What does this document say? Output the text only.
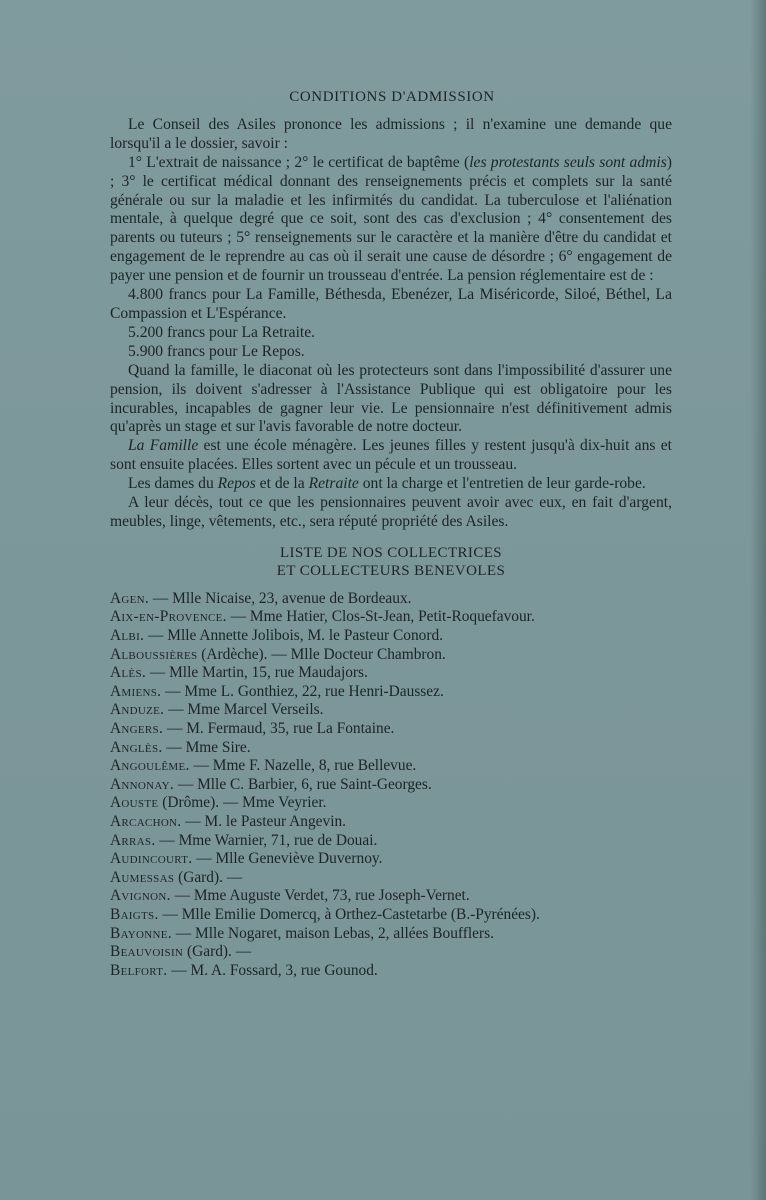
CONDITIONS D'ADMISSION

Le Conseil des Asiles prononce les admissions ; il n'examine une demande que lorsqu'il a le dossier, savoir :

1° L'extrait de naissance ; 2° le certificat de baptême (les protestants seuls sont admis) ; 3° le certificat médical donnant des renseignements précis et complets sur la santé générale ou sur la maladie et les infirmités du candidat. La tuberculose et l'aliénation mentale, à quelque degré que ce soit, sont des cas d'exclusion ; 4° consentement des parents ou tuteurs ; 5° renseignements sur le caractère et la manière d'être du candidat et engagement de le reprendre au cas où il serait une cause de désordre ; 6° engagement de payer une pension et de fournir un trousseau d'entrée. La pension réglementaire est de :

4.800 francs pour La Famille, Béthesda, Ebenézer, La Miséricorde, Siloé, Béthel, La Compassion et L'Espérance.

5.200 francs pour La Retraite.

5.900 francs pour Le Repos.

Quand la famille, le diaconat où les protecteurs sont dans l'impossibilité d'assurer une pension, ils doivent s'adresser à l'Assistance Publique qui est obligatoire pour les incurables, incapables de gagner leur vie. Le pensionnaire n'est définitivement admis qu'après un stage et sur l'avis favorable de notre docteur.

La Famille est une école ménagère. Les jeunes filles y restent jusqu'à dix-huit ans et sont ensuite placées. Elles sortent avec un pécule et un trousseau.

Les dames du Repos et de la Retraite ont la charge et l'entretien de leur garde-robe.

A leur décès, tout ce que les pensionnaires peuvent avoir avec eux, en fait d'argent, meubles, linge, vêtements, etc., sera réputé propriété des Asiles.

LISTE DE NOS COLLECTRICES
ET COLLECTEURS BENEVOLES
Agen. — Mlle Nicaise, 23, avenue de Bordeaux.
Aix-en-Provence. — Mme Hatier, Clos-St-Jean, Petit-Roquefavour.
Albi. — Mlle Annette Jolibois, M. le Pasteur Conord.
Alboussières (Ardèche). — Mlle Docteur Chambron.
Alès. — Mlle Martin, 15, rue Maudajors.
Amiens. — Mme L. Gonthiez, 22, rue Henri-Daussez.
Anduze. — Mme Marcel Verseils.
Angers. — M. Fermaud, 35, rue La Fontaine.
Anglès. — Mme Sire.
Angoulême. — Mme F. Nazelle, 8, rue Bellevue.
Annonay. — Mlle C. Barbier, 6, rue Saint-Georges.
Aouste (Drôme). — Mme Veyrier.
Arcachon. — M. le Pasteur Angevin.
Arras. — Mme Warnier, 71, rue de Douai.
Audincourt. — Mlle Geneviève Duvernoy.
Aumessas (Gard). —
Avignon. — Mme Auguste Verdet, 73, rue Joseph-Vernet.
Baigts. — Mlle Emilie Domercq, à Orthez-Castetarbe (B.-Pyrénées).
Bayonne. — Mlle Nogaret, maison Lebas, 2, allées Boufflers.
Beauvoisin (Gard). —
Belfort. — M. A. Fossard, 3, rue Gounod.
